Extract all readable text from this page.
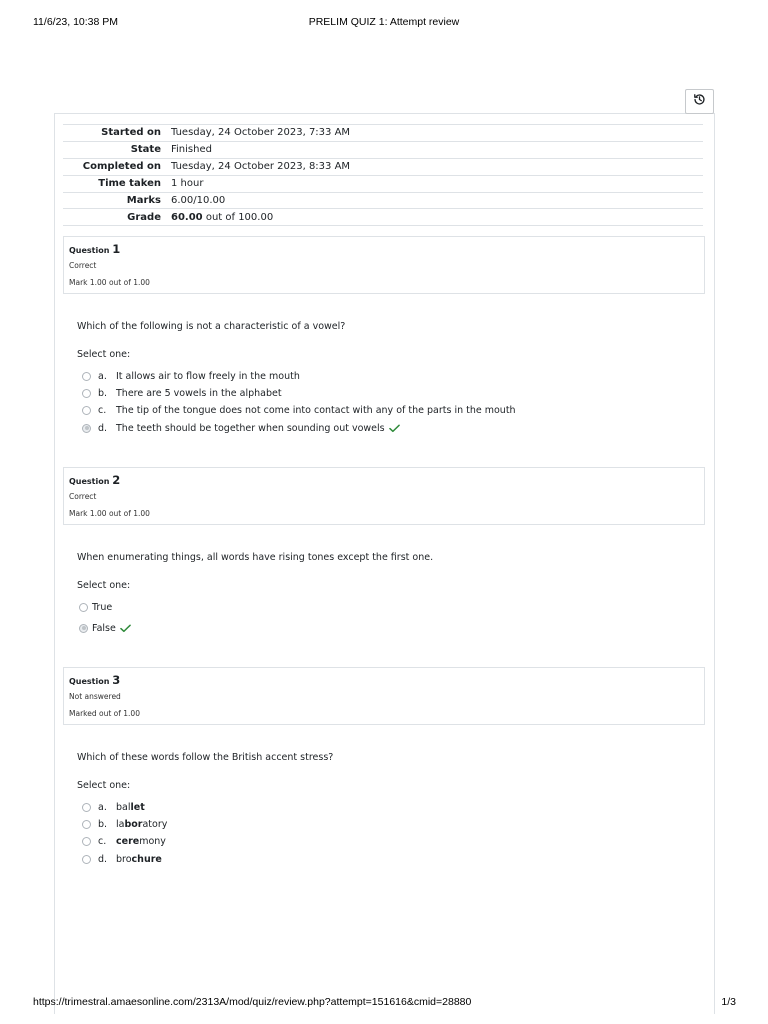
11/6/23, 10:38 PM	PRELIM QUIZ 1: Attempt review
Started on	Tuesday, 24 October 2023, 7:33 AM
State	Finished
Completed on	Tuesday, 24 October 2023, 8:33 AM
Time taken	1 hour
Marks	6.00/10.00
Grade	60.00 out of 100.00
Question 1
Correct
Mark 1.00 out of 1.00
Which of the following is not a characteristic of a vowel?
Select one:
a. It allows air to flow freely in the mouth
b. There are 5 vowels in the alphabet
c.	The tip of the tongue does not come into contact with any of the parts in the mouth
d. The teeth should be together when sounding out vowels
Question 2
Correct
Mark 1.00 out of 1.00
When enumerating things, all words have rising tones except the first one.
Select one:
True
False
Question 3
Not answered
Marked out of 1.00
Which of these words follow the British accent stress?
Select one:
a. ballet
b. laboratory
c.	ceremony
d. brochure
https://trimestral.amaesonline.com/2313A/mod/quiz/review.php?attempt=151616&cmid=28880	1/3
